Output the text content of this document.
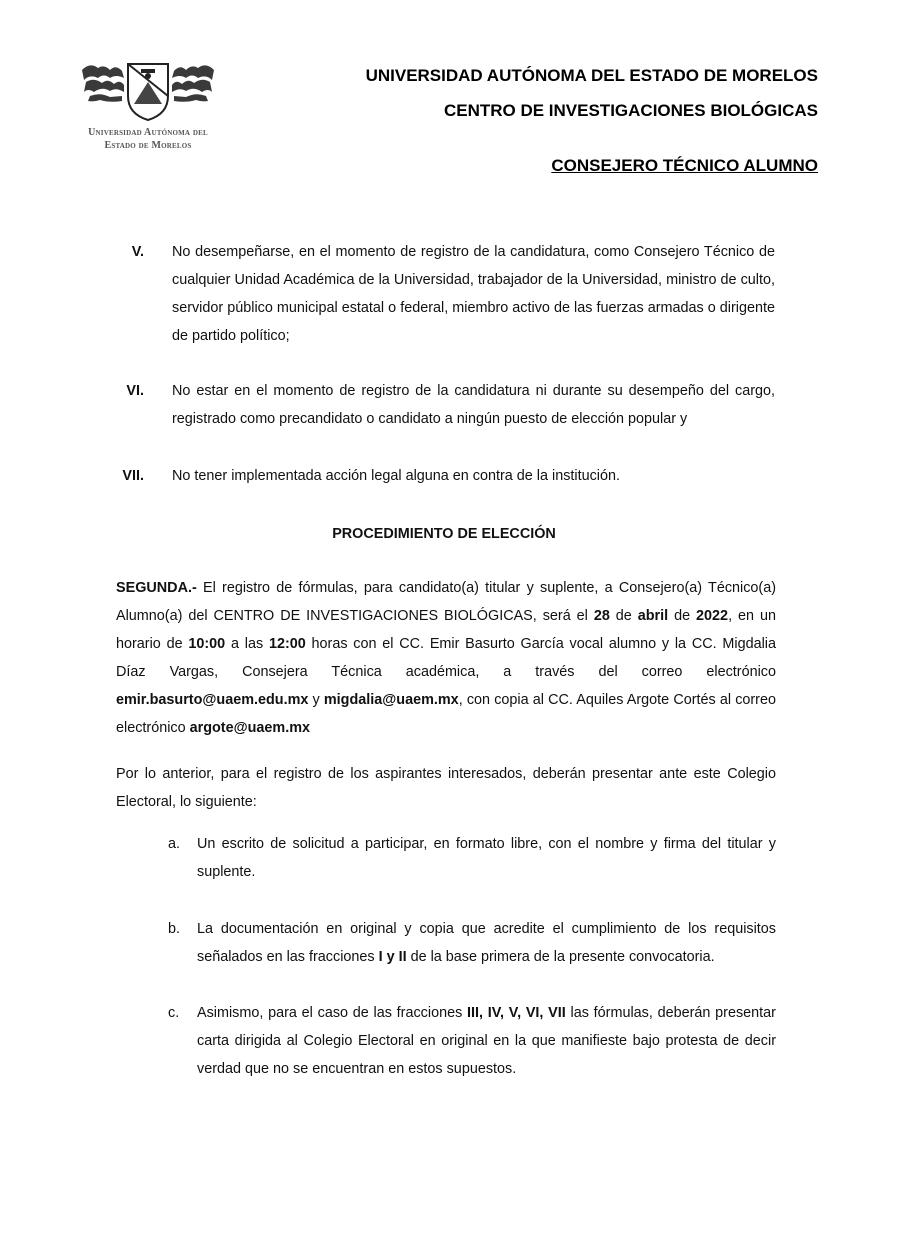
Universidad Autónoma del
Estado de Morelos
UNIVERSIDAD AUTÓNOMA DEL ESTADO DE MORELOS
CENTRO DE INVESTIGACIONES BIOLÓGICAS
CONSEJERO TÉCNICO ALUMNO
V. No desempeñarse, en el momento de registro de la candidatura, como Consejero Técnico de cualquier Unidad Académica de la Universidad, trabajador de la Universidad, ministro de culto, servidor público municipal estatal o federal, miembro activo de las fuerzas armadas o dirigente de partido político;
VI. No estar en el momento de registro de la candidatura ni durante su desempeño del cargo, registrado como precandidato o candidato a ningún puesto de elección popular y
VII. No tener implementada acción legal alguna en contra de la institución.
PROCEDIMIENTO DE ELECCIÓN
SEGUNDA.- El registro de fórmulas, para candidato(a) titular y suplente, a Consejero(a) Técnico(a) Alumno(a) del CENTRO DE INVESTIGACIONES BIOLÓGICAS, será el 28 de abril de 2022, en un horario de 10:00 a las 12:00 horas con el CC. Emir Basurto García vocal alumno y la CC. Migdalia Díaz Vargas, Consejera Técnica académica, a través del correo electrónico emir.basurto@uaem.edu.mx y migdalia@uaem.mx, con copia al CC. Aquiles Argote Cortés al correo electrónico argote@uaem.mx
Por lo anterior, para el registro de los aspirantes interesados, deberán presentar ante este Colegio Electoral, lo siguiente:
a.	Un escrito de solicitud a participar, en formato libre, con el nombre y firma del titular y suplente.
b.	La documentación en original y copia que acredite el cumplimiento de los requisitos señalados en las fracciones I y II de la base primera de la presente convocatoria.
c.	Asimismo, para el caso de las fracciones III, IV, V, VI, VII las fórmulas, deberán presentar carta dirigida al Colegio Electoral en original en la que manifieste bajo protesta de decir verdad que no se encuentran en estos supuestos.
